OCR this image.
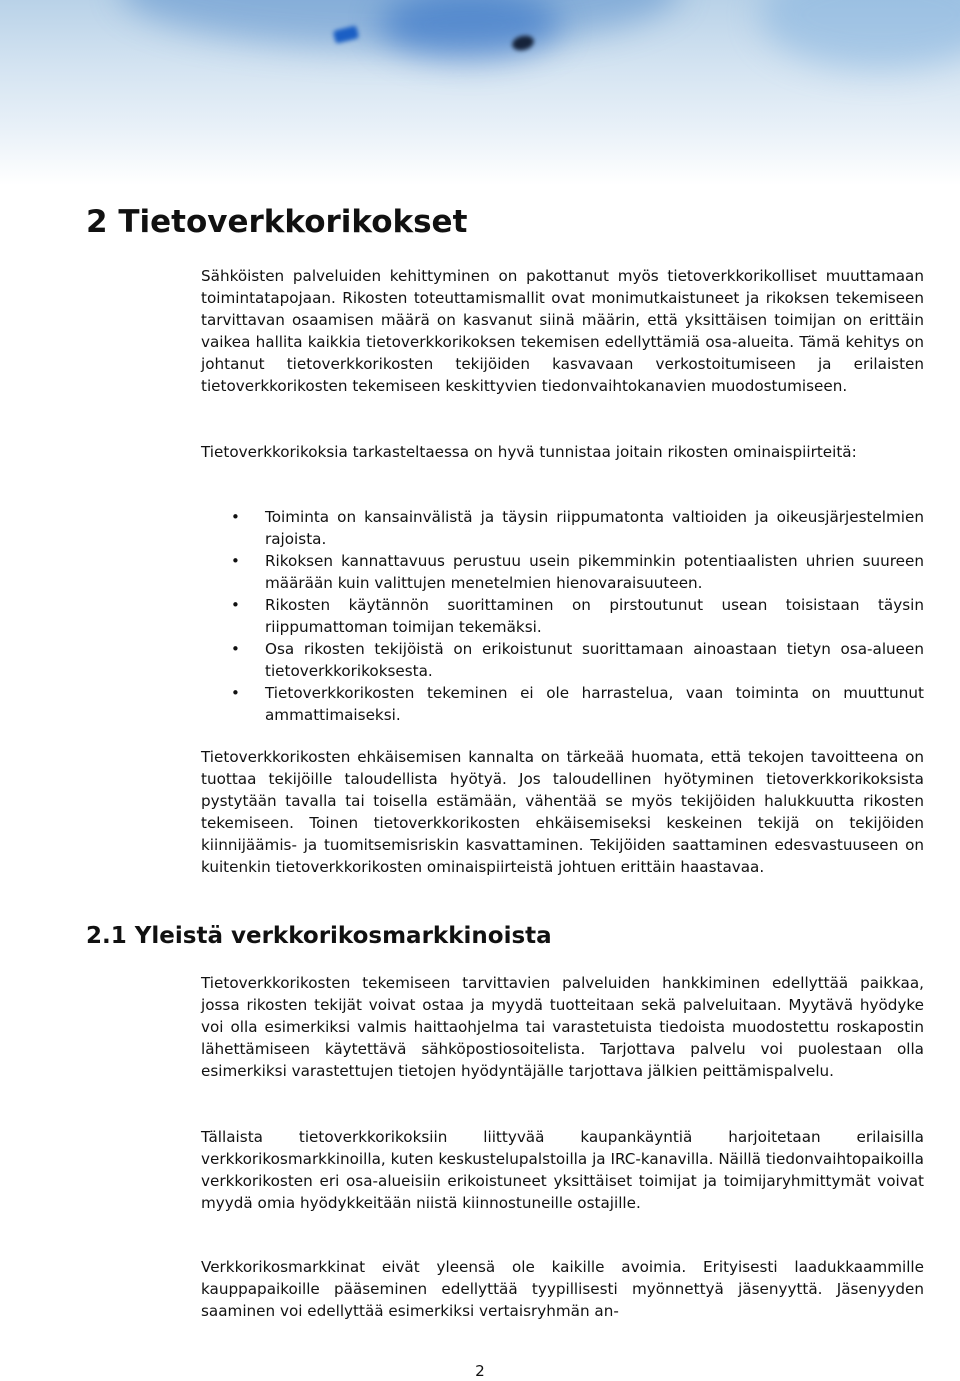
2 Tietoverkkorikokset

Sähköisten palveluiden kehittyminen on pakottanut myös tietoverkkorikolliset muuttamaan toimintatapojaan. Rikosten toteuttamismallit ovat monimutkaistuneet ja rikoksen tekemiseen tarvittavan osaamisen määrä on kasvanut siinä määrin, että yksittäisen toimijan on erittäin vaikea hallita kaikkia tietoverkkorikoksen tekemisen edellyttämiä osa-alueita. Tämä kehitys on johtanut tietoverkkorikosten tekijöiden kasvavaan verkostoitumiseen ja erilaisten tietoverkkorikosten tekemiseen keskittyvien tiedonvaihtokanavien muodostumiseen.

Tietoverkkorikoksia tarkasteltaessa on hyvä tunnistaa joitain rikosten ominaispiirteitä:

• Toiminta on kansainvälistä ja täysin riippumatonta valtioiden ja oikeusjärjestelmien rajoista.
• Rikoksen kannattavuus perustuu usein pikemminkin potentiaalisten uhrien suureen määrään kuin valittujen menetelmien hienovaraisuuteen.
• Rikosten käytännön suorittaminen on pirstoutunut usean toisistaan täysin riippumattoman toimijan tekemäksi.
• Osa rikosten tekijöistä on erikoistunut suorittamaan ainoastaan tietyn osa-alueen tietoverkkorikoksesta.
• Tietoverkkorikosten tekeminen ei ole harrastelua, vaan toiminta on muuttunut ammattimaiseksi.

Tietoverkkorikosten ehkäisemisen kannalta on tärkeää huomata, että tekojen tavoitteena on tuottaa tekijöille taloudellista hyötyä. Jos taloudellinen hyötyminen tietoverkkorikoksista pystytään tavalla tai toisella estämään, vähentää se myös tekijöiden halukkuutta rikosten tekemiseen. Toinen tietoverkkorikosten ehkäisemiseksi keskeinen tekijä on tekijöiden kiinnijäämis- ja tuomitsemisriskin kasvattaminen. Tekijöiden saattaminen edesvastuuseen on kuitenkin tietoverkkorikosten ominaispiirteistä johtuen erittäin haastavaa.

2.1 Yleistä verkkorikosmarkkinoista

Tietoverkkorikosten tekemiseen tarvittavien palveluiden hankkiminen edellyttää paikkaa, jossa rikosten tekijät voivat ostaa ja myydä tuotteitaan sekä palveluitaan. Myytävä hyödyke voi olla esimerkiksi valmis haittaohjelma tai varastetuista tiedoista muodostettu roskapostin lähettämiseen käytettävä sähköpostiosoitelista. Tarjottava palvelu voi puolestaan olla esimerkiksi varastettujen tietojen hyödyntäjälle tarjottava jälkien peittämispalvelu.

Tällaista tietoverkkorikoksiin liittyvää kaupankäyntiä harjoitetaan erilaisilla verkkorikosmarkkinoilla, kuten keskustelupalstoilla ja IRC-kanavilla. Näillä tiedonvaihtopaikoilla verkkorikosten eri osa-alueisiin erikoistuneet yksittäiset toimijat ja toimijaryhmittymät voivat myydä omia hyödykkeitään niistä kiinnostuneille ostajille.

Verkkorikosmarkkinat eivät yleensä ole kaikille avoimia. Erityisesti laadukkaammille kauppapaikoille pääseminen edellyttää tyypillisesti myönnettyä jäsenyyttä. Jäsenyyden saaminen voi edellyttää esimerkiksi vertaisryhmän an-

2
